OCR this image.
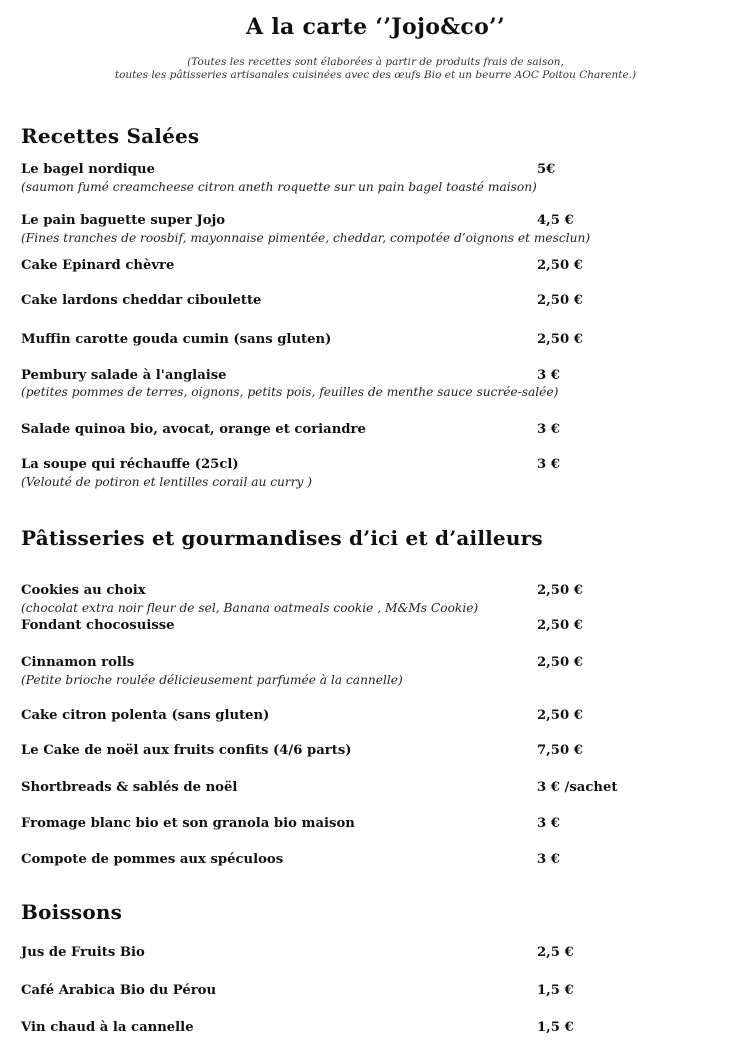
A la carte ‘’Jojo&co’’
(Toutes les recettes sont élaborées à partir de produits frais de saison,
toutes les pâtisseries artisanales cuisinées avec des œufs Bio et un beurre AOC Poitou Charente.)
Recettes Salées
Le bagel nordique	5€
(saumon fumé creamcheese citron aneth roquette sur un pain bagel toasté maison)
Le pain baguette super Jojo	4,5 €
(Fines tranches de roosbif, mayonnaise pimentée, cheddar, compotée d’oignons et mesclun)
Cake Epinard chèvre	2,50 €
Cake lardons cheddar ciboulette	2,50 €
Muffin carotte gouda cumin (sans gluten)	2,50 €
Pembury salade à l'anglaise	3 €
(petites pommes de terres, oignons, petits pois, feuilles de menthe sauce sucrée-salée)
Salade quinoa bio, avocat, orange et coriandre	3 €
La soupe qui réchauffe (25cl)	3 €
(Velouté de potiron et lentilles corail au curry )
Pâtisseries et gourmandises d’ici et d’ailleurs
Cookies au choix	2,50 €
(chocolat extra noir fleur de sel, Banana oatmeals cookie , M&Ms Cookie)
Fondant chocosuisse	2,50 €
Cinnamon rolls	2,50 €
(Petite brioche roulée délicieusement parfumée à la cannelle)
Cake citron polenta (sans gluten)	2,50 €
Le Cake de noël aux fruits confits (4/6 parts)	7,50 €
Shortbreads & sablés de noël	3 € /sachet
Fromage blanc bio et son granola bio maison	3 €
Compote de pommes aux spéculoos	3 €
Boissons
Jus de Fruits Bio	2,5 €
Café Arabica Bio du Pérou	1,5 €
Vin chaud à la cannelle	1,5 €
